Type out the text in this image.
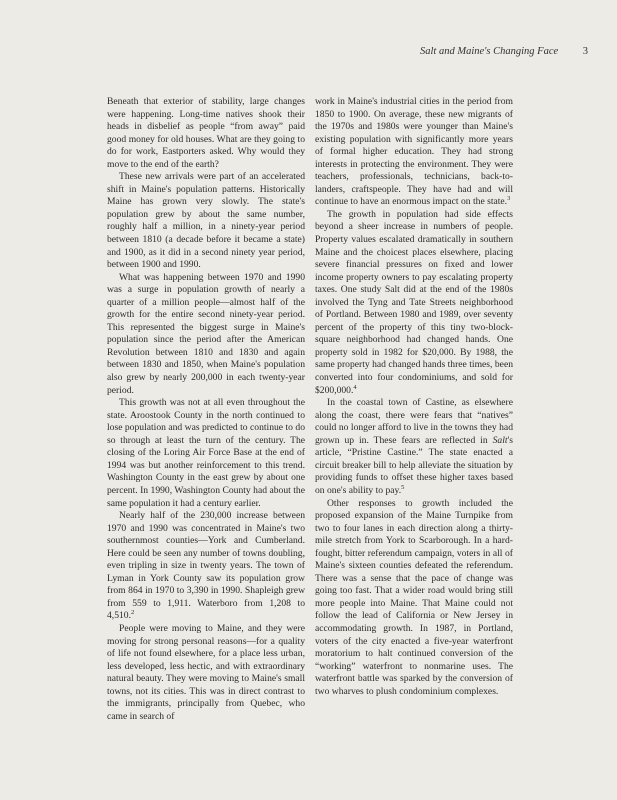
Salt and Maine's Changing Face 3

Beneath that exterior of stability, large changes were happening. Long-time natives shook their heads in disbelief as people “from away” paid good money for old houses. What are they going to do for work, Eastporters asked. Why would they move to the end of the earth?

These new arrivals were part of an accelerated shift in Maine's population patterns. Historically Maine has grown very slowly. The state's population grew by about the same number, roughly half a million, in a ninety-year period between 1810 (a decade before it became a state) and 1900, as it did in a second ninety year period, between 1900 and 1990.

What was happening between 1970 and 1990 was a surge in population growth of nearly a quarter of a million people—almost half of the growth for the entire second ninety-year period. This represented the biggest surge in Maine's population since the period after the American Revolution between 1810 and 1830 and again between 1830 and 1850, when Maine's population also grew by nearly 200,000 in each twenty-year period.

This growth was not at all even throughout the state. Aroostook County in the north continued to lose population and was predicted to continue to do so through at least the turn of the century. The closing of the Loring Air Force Base at the end of 1994 was but another reinforcement to this trend. Washington County in the east grew by about one percent. In 1990, Washington County had about the same population it had a century earlier.

Nearly half of the 230,000 increase between 1970 and 1990 was concentrated in Maine's two southernmost counties—York and Cumberland. Here could be seen any number of towns doubling, even tripling in size in twenty years. The town of Lyman in York County saw its population grow from 864 in 1970 to 3,390 in 1990. Shapleigh grew from 559 to 1,911. Waterboro from 1,208 to 4,510.$^2$

People were moving to Maine, and they were moving for strong personal reasons—for a quality of life not found elsewhere, for a place less urban, less developed, less hectic, and with extraordinary natural beauty. They were moving to Maine's small towns, not its cities. This was in direct contrast to the immigrants, principally from Quebec, who came in search of

work in Maine's industrial cities in the period from 1850 to 1900. On average, these new migrants of the 1970s and 1980s were younger than Maine's existing population with significantly more years of formal higher education. They had strong interests in protecting the environment. They were teachers, professionals, technicians, back-to-landers, craftspeople. They have had and will continue to have an enormous impact on the state.$^3$

The growth in population had side effects beyond a sheer increase in numbers of people. Property values escalated dramatically in southern Maine and the choicest places elsewhere, placing severe financial pressures on fixed and lower income property owners to pay escalating property taxes. One study Salt did at the end of the 1980s involved the Tyng and Tate Streets neighborhood of Portland. Between 1980 and 1989, over seventy percent of the property of this tiny two-block-square neighborhood had changed hands. One property sold in 1982 for $20,000. By 1988, the same property had changed hands three times, been converted into four condominiums, and sold for $200,000.$^4$

In the coastal town of Castine, as elsewhere along the coast, there were fears that “natives” could no longer afford to live in the towns they had grown up in. These fears are reflected in Salt's article, “Pristine Castine.” The state enacted a circuit breaker bill to help alleviate the situation by providing funds to offset these higher taxes based on one's ability to pay.$^5$

Other responses to growth included the proposed expansion of the Maine Turnpike from two to four lanes in each direction along a thirty-mile stretch from York to Scarborough. In a hard-fought, bitter referendum campaign, voters in all of Maine's sixteen counties defeated the referendum. There was a sense that the pace of change was going too fast. That a wider road would bring still more people into Maine. That Maine could not follow the lead of California or New Jersey in accommodating growth. In 1987, in Portland, voters of the city enacted a five-year waterfront moratorium to halt continued conversion of the “working” waterfront to nonmarine uses. The waterfront battle was sparked by the conversion of two wharves to plush condominium complexes.
